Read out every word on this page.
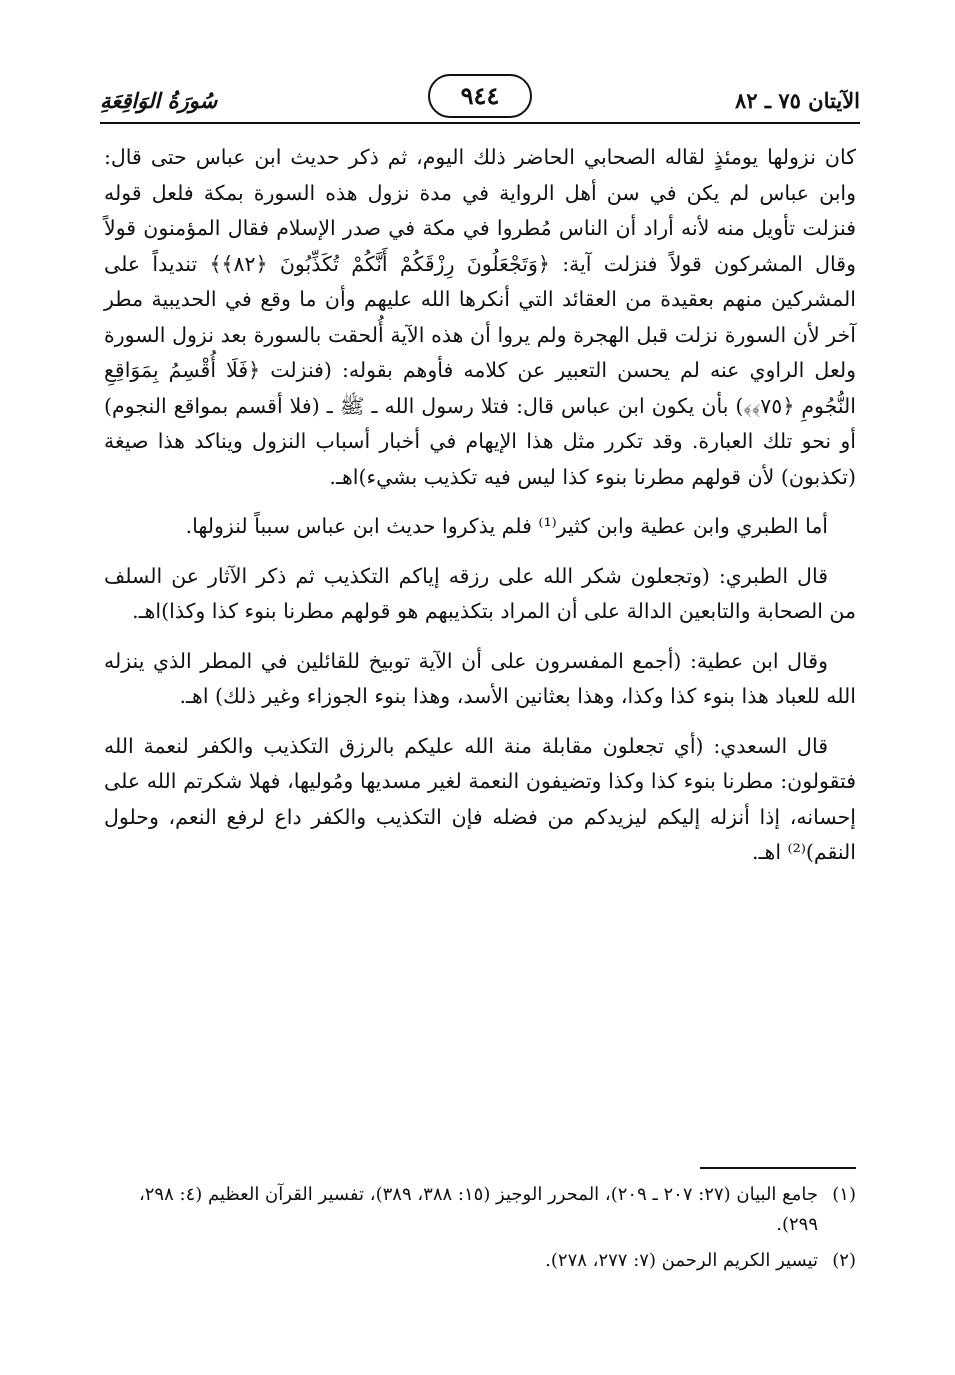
الآيتان ٧٥ ـ ٨٢
٩٤٤
سُورَةُ الوَاقِعَةِ

كان نزولها يومئذٍ لقاله الصحابي الحاضر ذلك اليوم، ثم ذكر حديث ابن عباس حتى قال: وابن عباس لم يكن في سن أهل الرواية في مدة نزول هذه السورة بمكة فلعل قوله فنزلت تأويل منه لأنه أراد أن الناس مُطروا في مكة في صدر الإسلام فقال المؤمنون قولاً وقال المشركون قولاً فنزلت آية: ﴿وَتَجْعَلُونَ رِزْقَكُمْ أَنَّكُمْ تُكَذِّبُونَ ﴿٨٢﴾﴾ تنديداً على المشركين منهم بعقيدة من العقائد التي أنكرها الله عليهم وأن ما وقع في الحديبية مطر آخر لأن السورة نزلت قبل الهجرة ولم يروا أن هذه الآية أُلحقت بالسورة بعد نزول السورة ولعل الراوي عنه لم يحسن التعبير عن كلامه فأوهم بقوله: (فنزلت ﴿فَلَا أُقْسِمُ بِمَوَاقِعِ النُّجُومِ ﴿٧٥﴾﴾) بأن يكون ابن عباس قال: فتلا رسول الله ـ ﷺ ـ (فلا أقسم بمواقع النجوم) أو نحو تلك العبارة. وقد تكرر مثل هذا الإيهام في أخبار أسباب النزول ويناكد هذا صيغة (تكذبون) لأن قولهم مطرنا بنوء كذا ليس فيه تكذيب بشيء)اهـ.

أما الطبري وابن عطية وابن كثير⁽¹⁾ فلم يذكروا حديث ابن عباس سبباً لنزولها.

قال الطبري: (وتجعلون شكر الله على رزقه إياكم التكذيب ثم ذكر الآثار عن السلف من الصحابة والتابعين الدالة على أن المراد بتكذيبهم هو قولهم مطرنا بنوء كذا وكذا)اهـ.

وقال ابن عطية: (أجمع المفسرون على أن الآية توبيخ للقائلين في المطر الذي ينزله الله للعباد هذا بنوء كذا وكذا، وهذا بعثانين الأسد، وهذا بنوء الجوزاء وغير ذلك) اهـ.

قال السعدي: (أي تجعلون مقابلة منة الله عليكم بالرزق التكذيب والكفر لنعمة الله فتقولون: مطرنا بنوء كذا وكذا وتضيفون النعمة لغير مسديها ومُوليها، فهلا شكرتم الله على إحسانه، إذا أنزله إليكم ليزيدكم من فضله فإن التكذيب والكفر داع لرفع النعم، وحلول النقم)⁽²⁾ اهـ.

(١)
جامع البيان (٢٧: ٢٠٧ ـ ٢٠٩)، المحرر الوجيز (١٥: ٣٨٨، ٣٨٩)، تفسير القرآن العظيم (٤: ٢٩٨، ٢٩٩).
(٢)
تيسير الكريم الرحمن (٧: ٢٧٧، ٢٧٨).
